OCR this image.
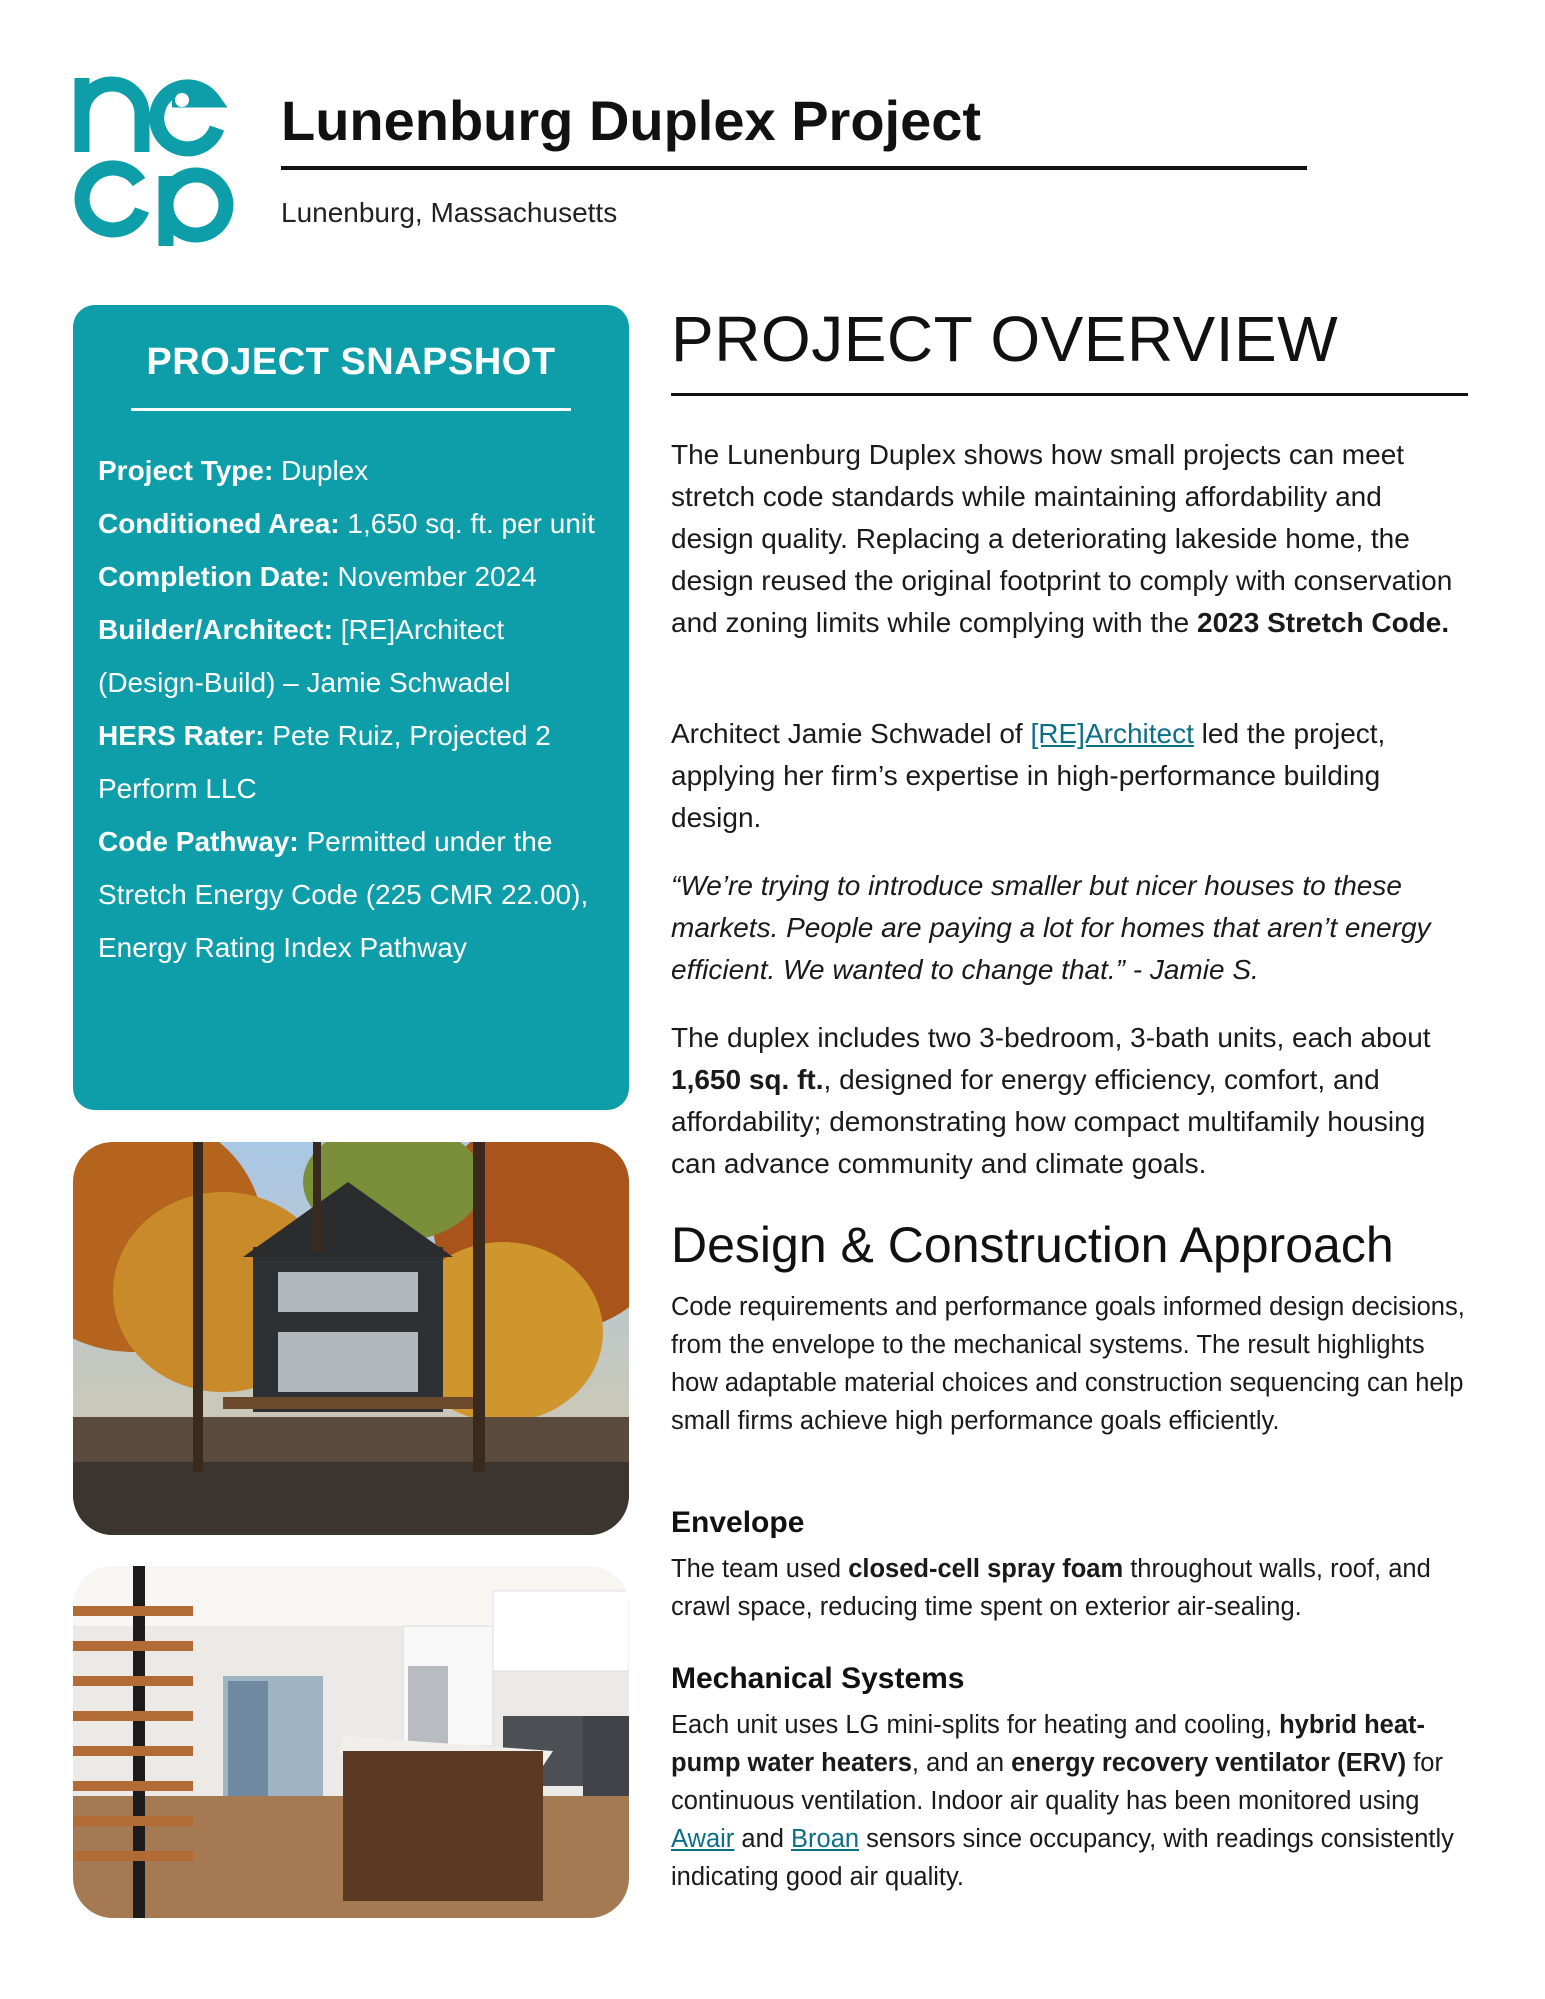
Lunenburg Duplex Project
Lunenburg, Massachusetts
PROJECT SNAPSHOT

Project Type: Duplex

Conditioned Area: 1,650 sq. ft. per unit

Completion Date: November 2024

Builder/Architect: [RE]Architect (Design-Build) – Jamie Schwadel

HERS Rater: Pete Ruiz, Projected 2 Perform LLC

Code Pathway: Permitted under the Stretch Energy Code (225 CMR 22.00), Energy Rating Index Pathway

PROJECT OVERVIEW

The Lunenburg Duplex shows how small projects can meet stretch code standards while maintaining affordability and design quality. Replacing a deteriorating lakeside home, the design reused the original footprint to comply with conservation and zoning limits while complying with the 2023 Stretch Code.

Architect Jamie Schwadel of [RE]Architect led the project, applying her firm’s expertise in high-performance building design.

“We’re trying to introduce smaller but nicer houses to these markets. People are paying a lot for homes that aren’t energy efficient. We wanted to change that.” - Jamie S.

The duplex includes two 3-bedroom, 3-bath units, each about 1,650 sq. ft., designed for energy efficiency, comfort, and affordability; demonstrating how compact multifamily housing can advance community and climate goals.

Design & Construction Approach

Code requirements and performance goals informed design decisions, from the envelope to the mechanical systems. The result highlights how adaptable material choices and construction sequencing can help small firms achieve high performance goals efficiently.

Envelope

The team used closed-cell spray foam throughout walls, roof, and crawl space, reducing time spent on exterior air-sealing.

Mechanical Systems

Each unit uses LG mini-splits for heating and cooling, hybrid heat-pump water heaters, and an energy recovery ventilator (ERV) for continuous ventilation. Indoor air quality has been monitored using Awair and Broan sensors since occupancy, with readings consistently indicating good air quality.
